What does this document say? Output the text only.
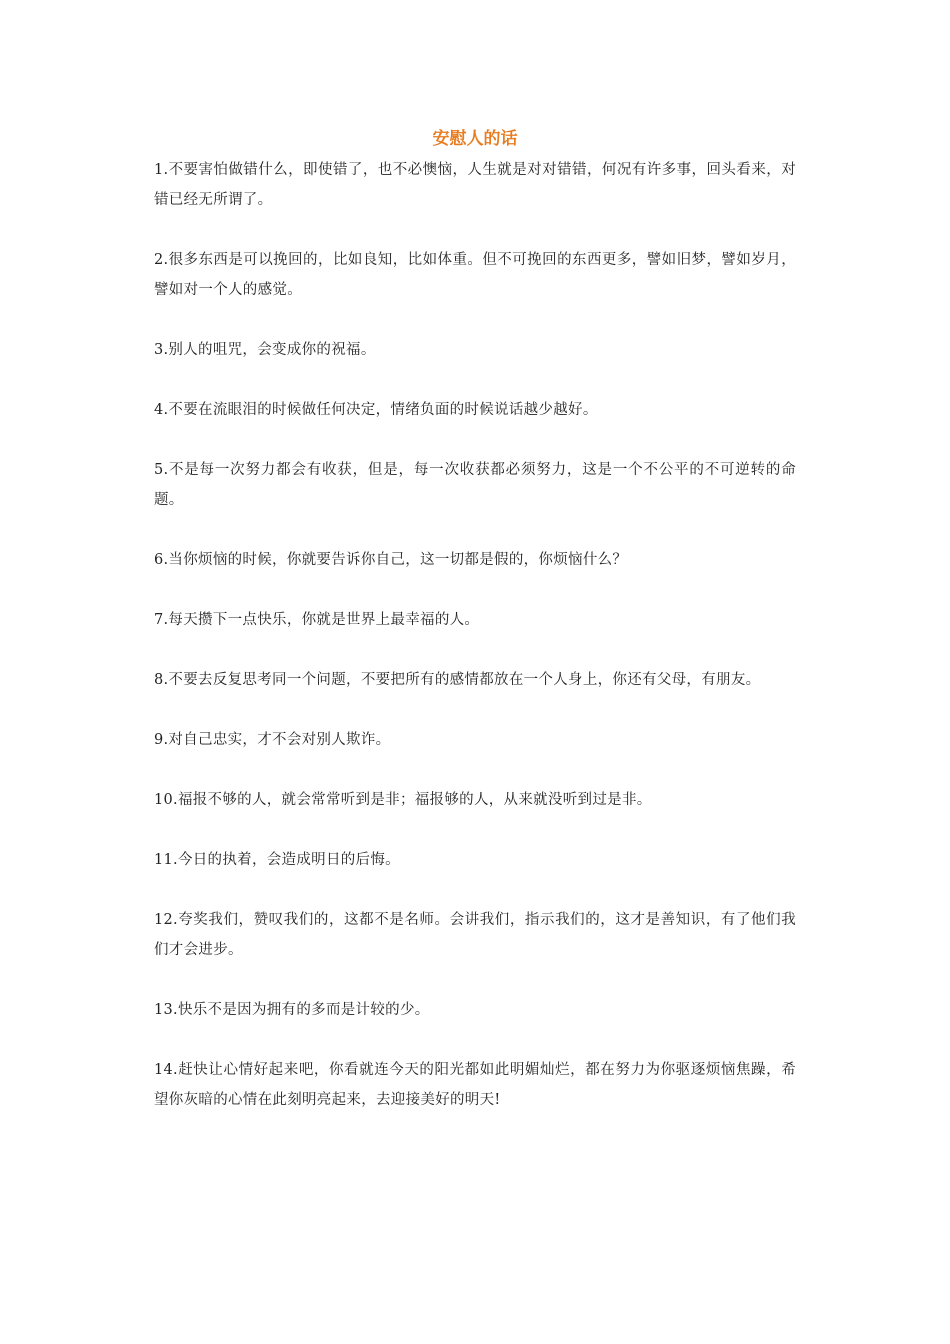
安慰人的话
1.不要害怕做错什么，即使错了，也不必懊恼，人生就是对对错错，何况有许多事，回头看来，对错已经无所谓了。
2.很多东西是可以挽回的，比如良知，比如体重。但不可挽回的东西更多，譬如旧梦，譬如岁月，譬如对一个人的感觉。
3.别人的咀咒，会变成你的祝福。
4.不要在流眼泪的时候做任何决定，情绪负面的时候说话越少越好。
5.不是每一次努力都会有收获，但是，每一次收获都必须努力，这是一个不公平的不可逆转的命题。
6.当你烦恼的时候，你就要告诉你自己，这一切都是假的，你烦恼什么？
7.每天攒下一点快乐，你就是世界上最幸福的人。
8.不要去反复思考同一个问题，不要把所有的感情都放在一个人身上，你还有父母，有朋友。
9.对自己忠实，才不会对别人欺诈。
10.福报不够的人，就会常常听到是非；福报够的人，从来就没听到过是非。
11.今日的执着，会造成明日的后悔。
12.夸奖我们，赞叹我们的，这都不是名师。会讲我们，指示我们的，这才是善知识，有了他们我们才会进步。
13.快乐不是因为拥有的多而是计较的少。
14.赶快让心情好起来吧，你看就连今天的阳光都如此明媚灿烂，都在努力为你驱逐烦恼焦躁，希望你灰暗的心情在此刻明亮起来，去迎接美好的明天!
